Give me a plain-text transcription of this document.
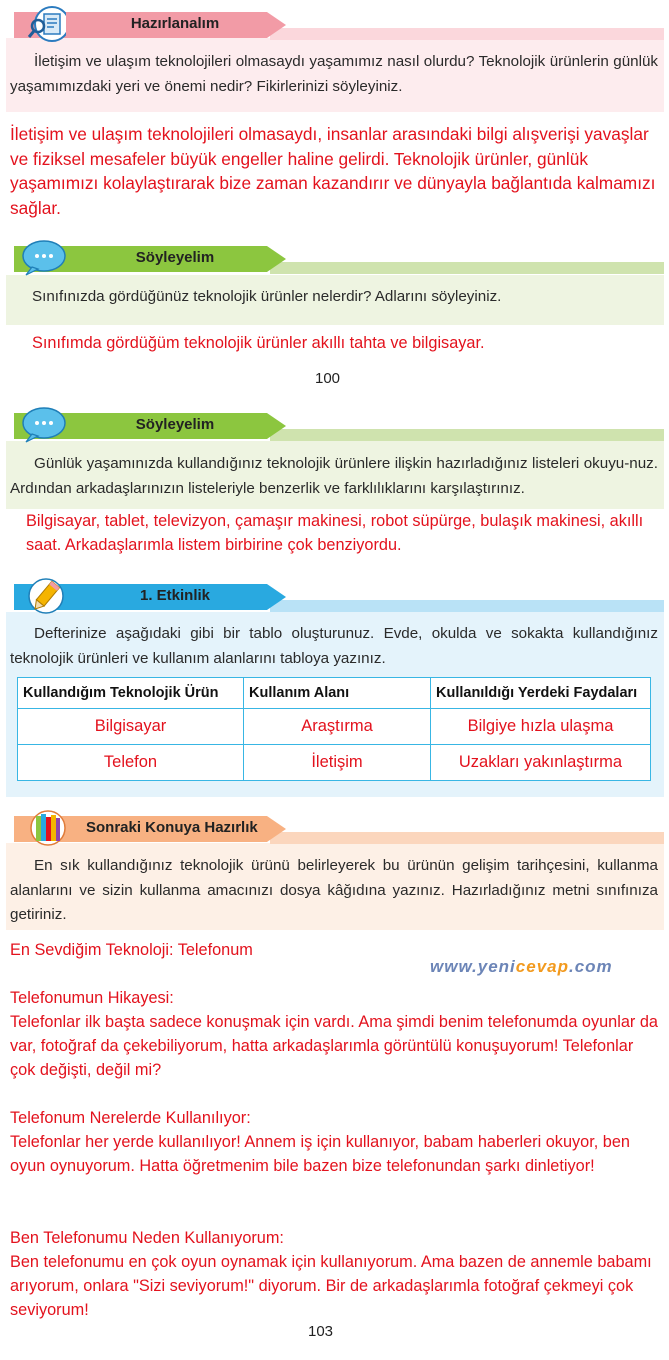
Hazırlanalım
İletişim ve ulaşım teknolojileri olmasaydı yaşamımız nasıl olurdu? Teknolojik ürünlerin günlük yaşamımızdaki yeri ve önemi nedir? Fikirlerinizi söyleyiniz.
İletişim ve ulaşım teknolojileri olmasaydı, insanlar arasındaki bilgi alışverişi yavaşlar ve fiziksel mesafeler büyük engeller haline gelirdi. Teknolojik ürünler, günlük yaşamımızı kolaylaştırarak bize zaman kazandırır ve dünyayla bağlantıda kalmamızı sağlar.
Söyleyelim
Sınıfınızda gördüğünüz teknolojik ürünler nelerdir? Adlarını söyleyiniz.
Sınıfımda gördüğüm teknolojik ürünler akıllı tahta ve bilgisayar.
100
Söyleyelim
Günlük yaşamınızda kullandığınız teknolojik ürünlere ilişkin hazırladığınız listeleri okuyu-nuz. Ardından arkadaşlarınızın listeleriyle benzerlik ve farklılıklarını karşılaştırınız.
Bilgisayar, tablet, televizyon, çamaşır makinesi, robot süpürge, bulaşık makinesi, akıllı saat. Arkadaşlarımla listem birbirine çok benziyordu.
1. Etkinlik
Defterinize aşağıdaki gibi bir tablo oluşturunuz. Evde, okulda ve sokakta kullandığınız teknolojik ürünleri ve kullanım alanlarını tabloya yazınız.
Kullandığım Teknolojik Ürün	Kullanım Alanı	Kullanıldığı Yerdeki Faydaları
Bilgisayar	Araştırma	Bilgiye hızla ulaşma
Telefon	İletişim	Uzakları yakınlaştırma
Sonraki Konuya Hazırlık
En sık kullandığınız teknolojik ürünü belirleyerek bu ürünün gelişim tarihçesini, kullanma alanlarını ve sizin kullanma amacınızı dosya kâğıdına yazınız. Hazırladığınız metni sınıfınıza getiriniz.
En Sevdiğim Teknoloji: Telefonum
www.yenicevap.com
Telefonumun Hikayesi:
Telefonlar ilk başta sadece konuşmak için vardı. Ama şimdi benim telefonumda oyunlar da var, fotoğraf da çekebiliyorum, hatta arkadaşlarımla görüntülü konuşuyorum! Telefonlar çok değişti, değil mi?
Telefonum Nerelerde Kullanılıyor:
Telefonlar her yerde kullanılıyor! Annem iş için kullanıyor, babam haberleri okuyor, ben oyun oynuyorum. Hatta öğretmenim bile bazen bize telefonundan şarkı dinletiyor!
Ben Telefonumu Neden Kullanıyorum:
Ben telefonumu en çok oyun oynamak için kullanıyorum. Ama bazen de annemle babamı arıyorum, onlara "Sizi seviyorum!" diyorum. Bir de arkadaşlarımla fotoğraf çekmeyi çok seviyorum!
103
